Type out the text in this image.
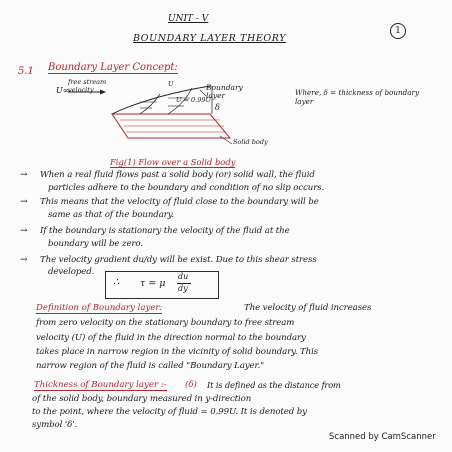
UNIT - V
BOUNDARY LAYER THEORY
1
5.1 Boundary Layer Concept:
free stream velocity
U∞
U
U = 0.99U
Boundary layer
δ
Solid body
Where, δ = thickness of boundary layer
Fig(1) Flow over a Solid body
→ When a real fluid flows past a solid body (or) solid wall, the fluid
particles adhere to the boundary and condition of no slip occurs.
→ This means that the velocity of fluid close to the boundary will be
same as that of the boundary.
→ If the boundary is stationary the velocity of the fluid at the
boundary will be zero.
→ The velocity gradient du/dy will be exist. Due to this shear stress
developed.
∴ τ = μ
du
dy
Definition of Boundary layer:	The velocity of fluid increases
from zero velocity on the stationary boundary to free stream
velocity (U) of the fluid in the direction normal to the boundary
takes place in narrow region in the vicinity of solid boundary. This
narrow region of the fluid is called "Boundary Layer."
Thickness of Boundary layer :- (δ) It is defined as the distance from
of the solid body, boundary measured in y-direction
to the point, where the velocity of fluid = 0.99U. It is denoted by
symbol 'δ'.
Scanned by CamScanner
